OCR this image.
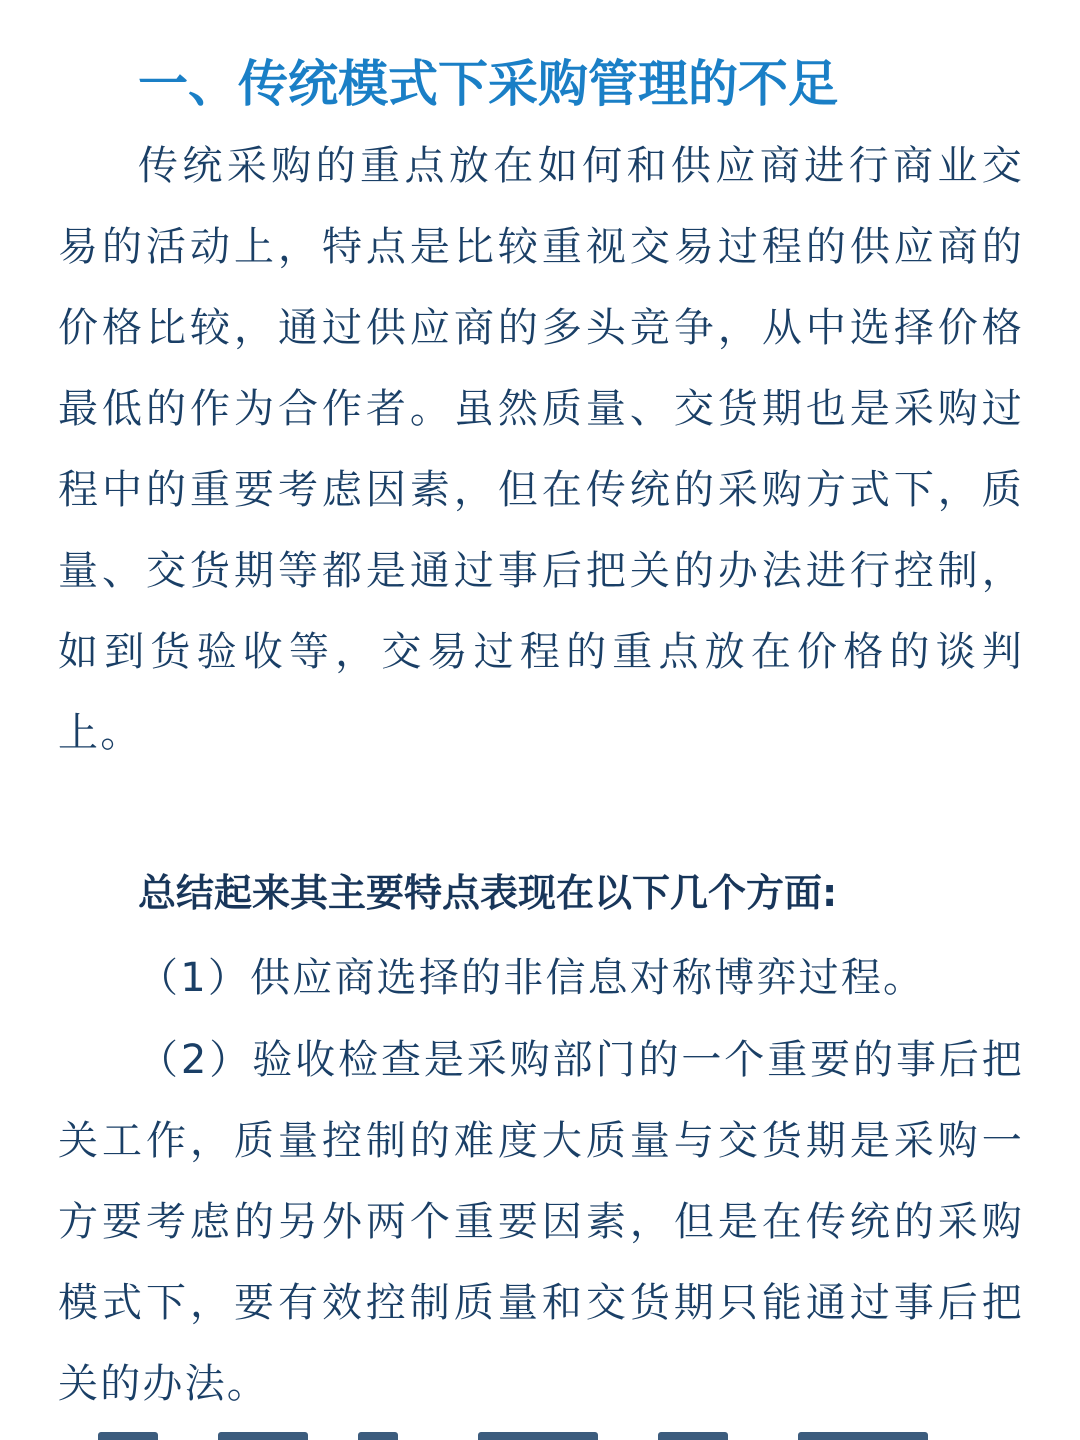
一、传统模式下采购管理的不足

传统采购的重点放在如何和供应商进行商业交易的活动上，特点是比较重视交易过程的供应商的价格比较，通过供应商的多头竞争，从中选择价格最低的作为合作者。虽然质量、交货期也是采购过程中的重要考虑因素，但在传统的采购方式下，质量、交货期等都是通过事后把关的办法进行控制，如到货验收等，交易过程的重点放在价格的谈判上。

总结起来其主要特点表现在以下几个方面:

（1）供应商选择的非信息对称博弈过程。

（2）验收检查是采购部门的一个重要的事后把关工作，质量控制的难度大质量与交货期是采购一方要考虑的另外两个重要因素，但是在传统的采购模式下，要有效控制质量和交货期只能通过事后把关的办法。
